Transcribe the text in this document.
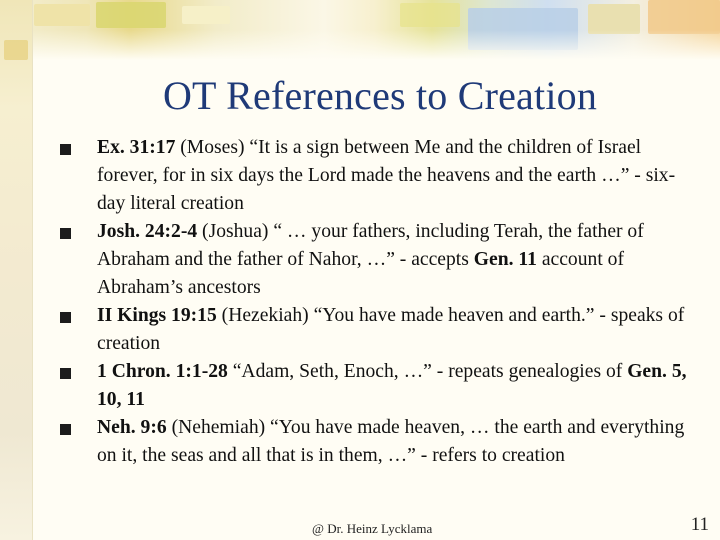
OT References to Creation
Ex. 31:17 (Moses) “It is a sign between Me and the children of Israel forever, for in six days the Lord made the heavens and the earth …” - six-day literal creation
Josh. 24:2-4 (Joshua) “ … your fathers, including Terah, the father of Abraham and the father of Nahor, …” - accepts Gen. 11 account of Abraham’s ancestors
II Kings 19:15 (Hezekiah) “You have made heaven and earth.” - speaks of creation
1 Chron. 1:1-28 “Adam, Seth, Enoch, …” - repeats genealogies of Gen. 5, 10, 11
Neh. 9:6 (Nehemiah) “You have made heaven, … the earth and everything on it, the seas and all that is in them, …” - refers to creation
@ Dr. Heinz Lycklama	11
